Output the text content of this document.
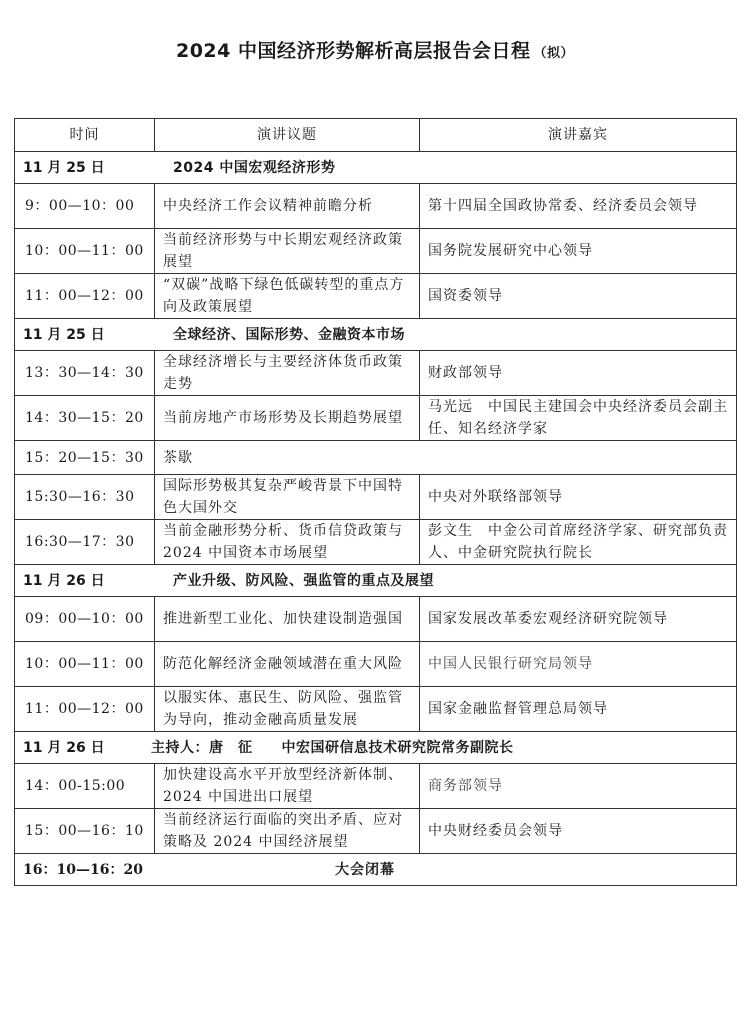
2024 中国经济形势解析高层报告会日程 （拟）
时间	演讲议题	演讲嘉宾
11 月 25 日 2024 中国宏观经济形势		
9：00—10：00	中央经济工作会议精神前瞻分析	第十四届全国政协常委、经济委员会领导
10：00—11：00	当前经济形势与中长期宏观经济政策展望	国务院发展研究中心领导
11：00—12：00	“双碳”战略下绿色低碳转型的重点方向及政策展望	国资委领导
11 月 25 日 全球经济、国际形势、金融资本市场		
13：30—14：30	全球经济增长与主要经济体货币政策走势	财政部领导
14：30—15：20	当前房地产市场形势及长期趋势展望	马光远　中国民主建国会中央经济委员会副主任、知名经济学家
15：20—15：30	茶歇	
15:30—16：30	国际形势极其复杂严峻背景下中国特色大国外交	中央对外联络部领导
16:30—17：30	当前金融形势分析、货币信贷政策与 2024 中国资本市场展望	彭文生　中金公司首席经济学家、研究部负责人、中金研究院执行院长
11 月 26 日 产业升级、防风险、强监管的重点及展望		
09：00—10：00	推进新型工业化、加快建设制造强国	国家发展改革委宏观经济研究院领导
10：00—11：00	防范化解经济金融领域潜在重大风险	中国人民银行研究局领导
11：00—12：00	以服实体、惠民生、防风险、强监管为导向，推动金融高质量发展	国家金融监督管理总局领导
11 月 26 日 主持人：唐　征　　中宏国研信息技术研究院常务副院长		
14：00-15:00	加快建设高水平开放型经济新体制、2024 中国进出口展望	商务部领导
15：00—16：10	当前经济运行面临的突出矛盾、应对策略及 2024 中国经济展望	中央财经委员会领导
16：10—16：20 大会闭幕		
